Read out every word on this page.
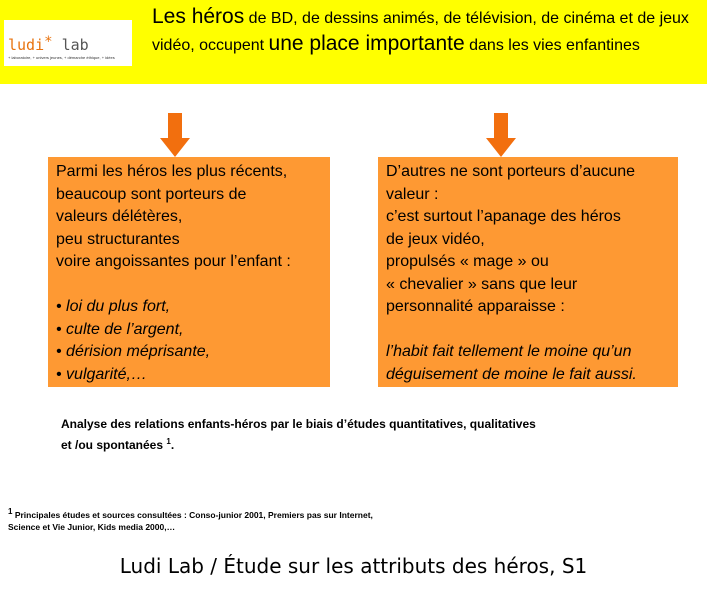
ludi* lab
+ laboratoire, + univers jeunes, + démarche éthique, + idées
Les héros de BD, de dessins animés, de télévision, de cinéma et de jeux vidéo, occupent une place importante dans les vies enfantines
Parmi les héros les plus récents,
beaucoup sont porteurs de
valeurs délétères,
peu structurantes
voire angoissantes pour l’enfant :
• loi du plus fort,
• culte de l’argent,
• dérision méprisante,
• vulgarité,…
D’autres ne sont porteurs d’aucune
valeur :
c’est surtout l’apanage des héros
de jeux vidéo,
propulsés « mage » ou
« chevalier » sans que leur
personnalité apparaisse :
l’habit fait tellement le moine qu’un
déguisement de moine le fait aussi.
Analyse des relations enfants-héros par le biais d’études quantitatives, qualitatives
et /ou spontanées $^1$.
$^1$ Principales études et sources consultées : Conso-junior 2001, Premiers pas sur Internet,
Science et Vie Junior, Kids media 2000,…
Ludi Lab / Étude sur les attributs des héros, S1
